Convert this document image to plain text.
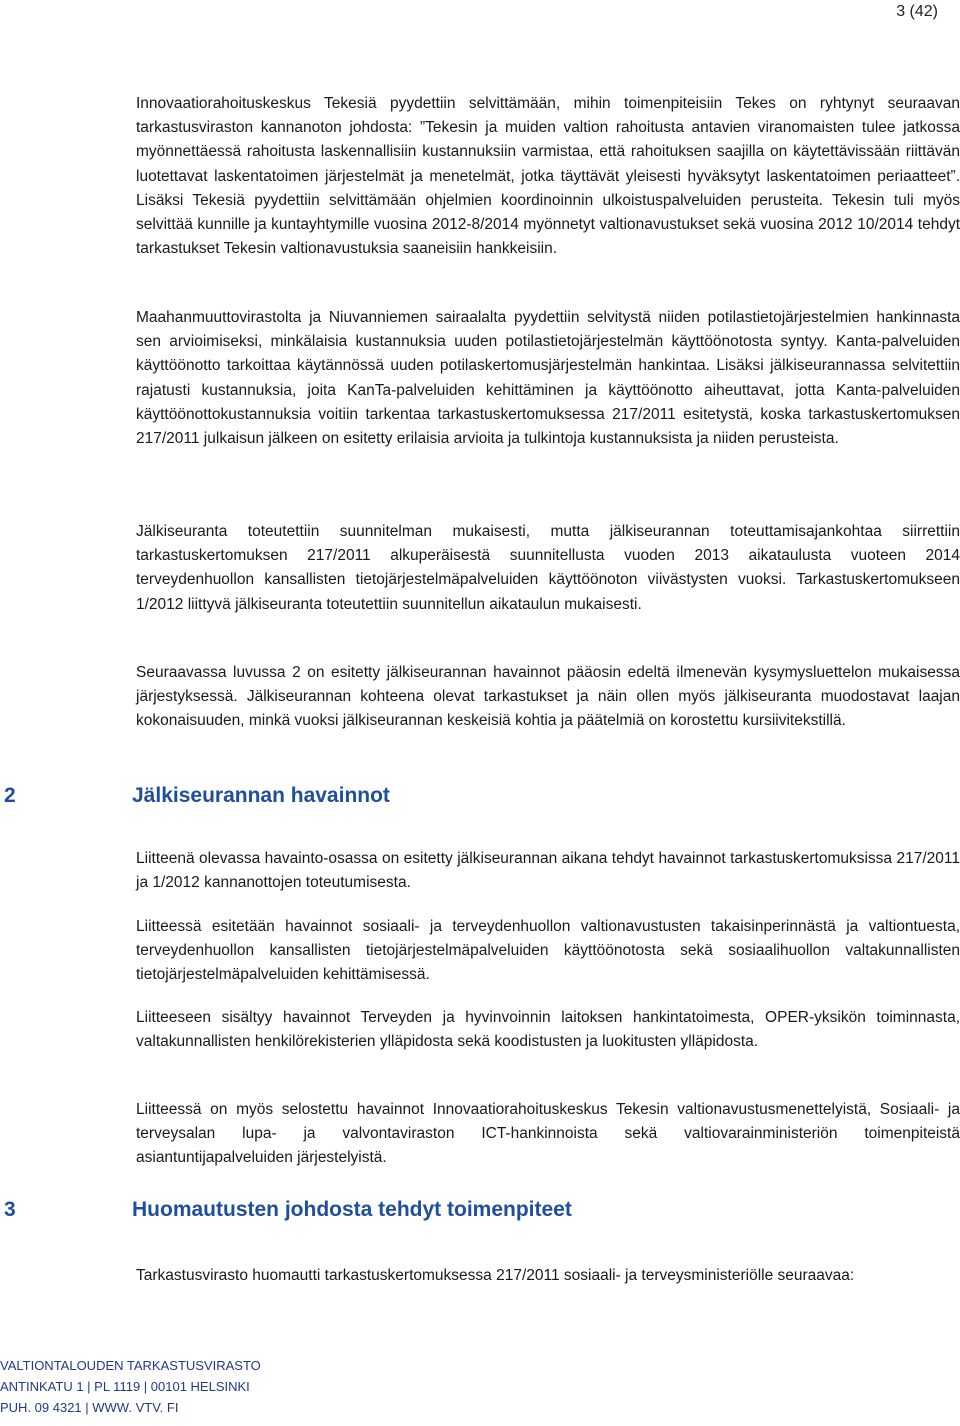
3 (42)

Innovaatiorahoituskeskus Tekesiä pyydettiin selvittämään, mihin toimenpiteisiin Tekes on ryhtynyt seuraavan tarkastusviraston kannanoton johdosta: ”Tekesin ja muiden valtion rahoitusta antavien viranomaisten tulee jatkossa myönnettäessä rahoitusta laskennallisiin kustannuksiin varmistaa, että rahoituksen saajilla on käytettävissään riittävän luotettavat laskentatoimen järjestelmät ja menetelmät, jotka täyttävät yleisesti hyväksytyt laskentatoimen periaatteet”. Lisäksi Tekesiä pyydettiin selvittämään ohjelmien koordinoinnin ulkoistuspalveluiden perusteita. Tekesin tuli myös selvittää kunnille ja kuntayhtymille vuosina 2012-8/2014 myönnetyt valtionavustukset sekä vuosina 2012 10/2014 tehdyt tarkastukset Tekesin valtionavustuksia saaneisiin hankkeisiin.

Maahanmuuttovirastolta ja Niuvanniemen sairaalalta pyydettiin selvitystä niiden potilastietojärjestelmien hankinnasta sen arvioimiseksi, minkälaisia kustannuksia uuden potilastietojärjestelmän käyttöönotosta syntyy. Kanta-palveluiden käyttöönotto tarkoittaa käytännössä uuden potilaskertomusjärjestelmän hankintaa. Lisäksi jälkiseurannassa selvitettiin rajatusti kustannuksia, joita KanTa-palveluiden kehittäminen ja käyttöönotto aiheuttavat, jotta Kanta-palveluiden käyttöönottokustannuksia voitiin tarkentaa tarkastuskertomuksessa 217/2011 esitetystä, koska tarkastuskertomuksen 217/2011 julkaisun jälkeen on esitetty erilaisia arvioita ja tulkintoja kustannuksista ja niiden perusteista.

Jälkiseuranta toteutettiin suunnitelman mukaisesti, mutta jälkiseurannan toteuttamisajankohtaa siirrettiin tarkastuskertomuksen 217/2011 alkuperäisestä suunnitellusta vuoden 2013 aikataulusta vuoteen 2014 terveydenhuollon kansallisten tietojärjestelmäpalveluiden käyttöönoton viivästysten vuoksi. Tarkastuskertomukseen 1/2012 liittyvä jälkiseuranta toteutettiin suunnitellun aikataulun mukaisesti.

Seuraavassa luvussa 2 on esitetty jälkiseurannan havainnot pääosin edeltä ilmenevän kysymysluettelon mukaisessa järjestyksessä. Jälkiseurannan kohteena olevat tarkastukset ja näin ollen myös jälkiseuranta muodostavat laajan kokonaisuuden, minkä vuoksi jälkiseurannan keskeisiä kohtia ja päätelmiä on korostettu kursiivitekstillä.

2	Jälkiseurannan havainnot

Liitteenä olevassa havainto-osassa on esitetty jälkiseurannan aikana tehdyt havainnot tarkastuskertomuksissa 217/2011 ja 1/2012 kannanottojen toteutumisesta.

Liitteessä esitetään havainnot sosiaali- ja terveydenhuollon valtionavustusten takaisinperinnästä ja valtiontuesta, terveydenhuollon kansallisten tietojärjestelmäpalveluiden käyttöönotosta sekä sosiaalihuollon valtakunnallisten tietojärjestelmäpalveluiden kehittämisessä.

Liitteeseen sisältyy havainnot Terveyden ja hyvinvoinnin laitoksen hankintatoimesta, OPER-yksikön toiminnasta, valtakunnallisten henkilörekisterien ylläpidosta sekä koodistusten ja luokitusten ylläpidosta.

Liitteessä on myös selostettu havainnot Innovaatiorahoituskeskus Tekesin valtionavustusmenettelyistä, Sosiaali- ja terveysalan lupa- ja valvontaviraston ICT-hankinnoista sekä valtiovarainministeriön toimenpiteistä asiantuntijapalveluiden järjestelyistä.

3	Huomautusten johdosta tehdyt toimenpiteet

Tarkastusvirasto huomautti tarkastuskertomuksessa 217/2011 sosiaali- ja terveysministeriölle seuraavaa:

VALTIONTALOUDEN TARKASTUSVIRASTO
ANTINKATU 1 | PL 1119 | 00101 HELSINKI
PUH. 09 4321 | WWW. VTV. FI
